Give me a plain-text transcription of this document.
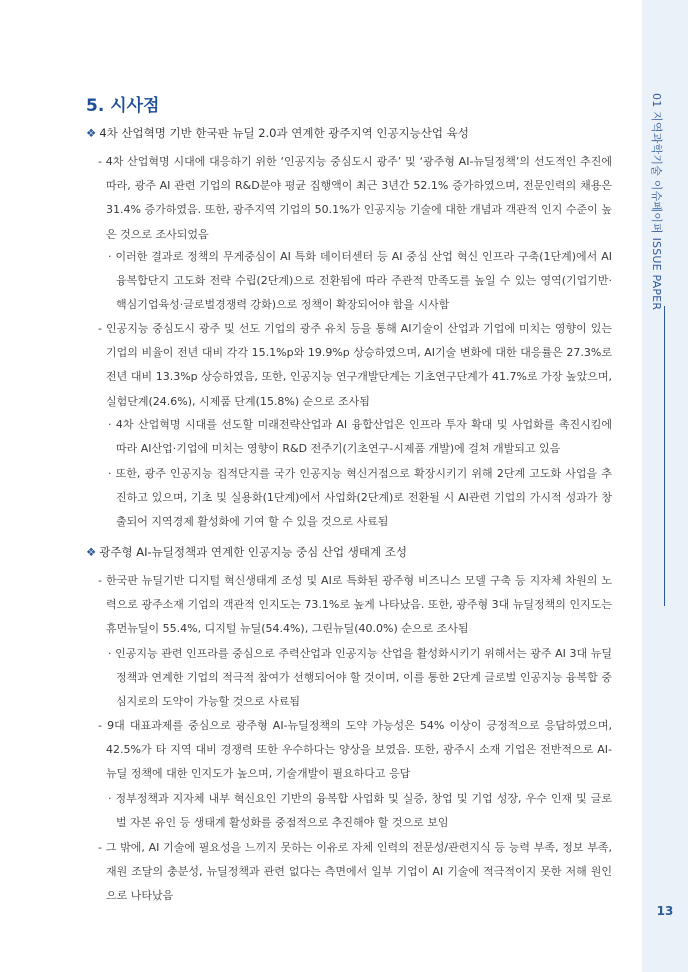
01 지역과학기술 이슈페이퍼 ISSUE PAPER
13
5. 시사점
❖ 4차 산업혁명 기반 한국판 뉴딜 2.0과 연계한 광주지역 인공지능산업 육성

- 4차 산업혁명 시대에 대응하기 위한 ‘인공지능 중심도시 광주’ 및 ‘광주형 AI-뉴딜정책’의 선도적인 추진에 따라, 광주 AI 관련 기업의 R&D분야 평균 집행액이 최근 3년간 52.1% 증가하였으며, 전문인력의 채용은 31.4% 증가하였음. 또한, 광주지역 기업의 50.1%가 인공지능 기술에 대한 개념과 객관적 인지 수준이 높은 것으로 조사되었음

· 이러한 결과로 정책의 무게중심이 AI 특화 데이터센터 등 AI 중심 산업 혁신 인프라 구축(1단계)에서 AI 융복합단지 고도화 전략 수립(2단계)으로 전환됨에 따라 주관적 만족도를 높일 수 있는 영역(기업기반·핵심기업육성·글로벌경쟁력 강화)으로 정책이 확장되어야 함을 시사함

- 인공지능 중심도시 광주 및 선도 기업의 광주 유치 등을 통해 AI기술이 산업과 기업에 미치는 영향이 있는 기업의 비율이 전년 대비 각각 15.1%p와 19.9%p 상승하였으며, AI기술 변화에 대한 대응률은 27.3%로 전년 대비 13.3%p 상승하였음, 또한, 인공지능 연구개발단계는 기초연구단계가 41.7%로 가장 높았으며, 실험단계(24.6%), 시제품 단계(15.8%) 순으로 조사됨

· 4차 산업혁명 시대를 선도할 미래전략산업과 AI 융합산업은 인프라 투자 확대 및 사업화를 촉진시킴에 따라 AI산업·기업에 미치는 영향이 R&D 전주기(기초연구-시제품 개발)에 걸쳐 개발되고 있음

· 또한, 광주 인공지능 집적단지를 국가 인공지능 혁신거점으로 확장시키기 위해 2단계 고도화 사업을 추진하고 있으며, 기초 및 실용화(1단계)에서 사업화(2단계)로 전환될 시 AI관련 기업의 가시적 성과가 창출되어 지역경제 활성화에 기여 할 수 있을 것으로 사료됨

❖ 광주형 AI-뉴딜정책과 연계한 인공지능 중심 산업 생태계 조성

- 한국판 뉴딜기반 디지털 혁신생태계 조성 및 AI로 특화된 광주형 비즈니스 모델 구축 등 지자체 차원의 노력으로 광주소재 기업의 객관적 인지도는 73.1%로 높게 나타났음. 또한, 광주형 3대 뉴딜정책의 인지도는 휴먼뉴딜이 55.4%, 디지털 뉴딜(54.4%), 그린뉴딜(40.0%) 순으로 조사됨

· 인공지능 관련 인프라를 중심으로 주력산업과 인공지능 산업을 활성화시키기 위해서는 광주 AI 3대 뉴딜정책과 연계한 기업의 적극적 참여가 선행되어야 할 것이며, 이를 통한 2단계 글로벌 인공지능 융복합 중심지로의 도약이 가능할 것으로 사료됨

- 9대 대표과제를 중심으로 광주형 AI-뉴딜정책의 도약 가능성은 54% 이상이 긍정적으로 응답하였으며, 42.5%가 타 지역 대비 경쟁력 또한 우수하다는 양상을 보였음. 또한, 광주시 소재 기업은 전반적으로 AI-뉴딜 정책에 대한 인지도가 높으며, 기술개발이 필요하다고 응답

· 정부정책과 지자체 내부 혁신요인 기반의 융복합 사업화 및 실증, 창업 및 기업 성장, 우수 인재 및 글로벌 자본 유인 등 생태계 활성화를 중점적으로 추진해야 할 것으로 보임

- 그 밖에, AI 기술에 필요성을 느끼지 못하는 이유로 자체 인력의 전문성/관련지식 등 능력 부족, 정보 부족, 재원 조달의 충분성, 뉴딜정책과 관련 없다는 측면에서 일부 기업이 AI 기술에 적극적이지 못한 저해 원인으로 나타났음
